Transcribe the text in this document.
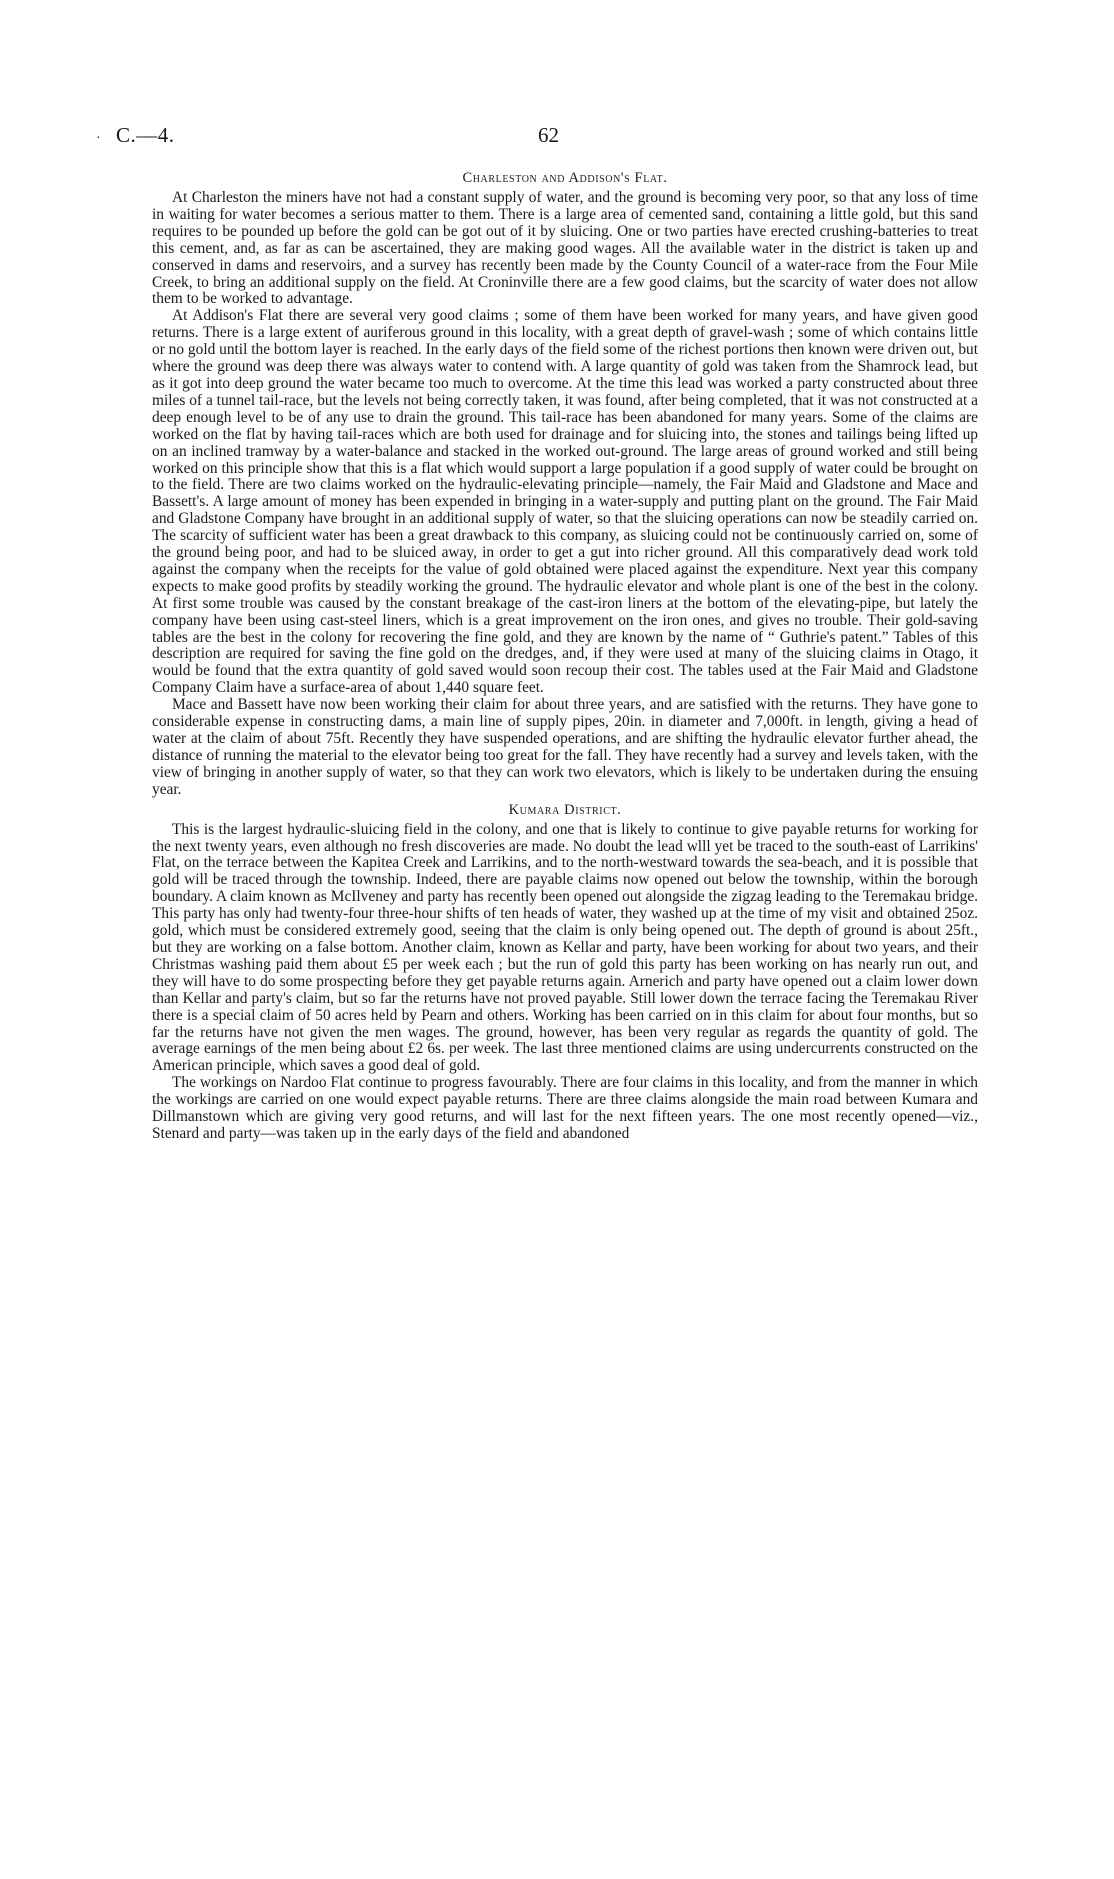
· C.—4.	62
Charleston and Addison's Flat.

At Charleston the miners have not had a constant supply of water, and the ground is becoming very poor, so that any loss of time in waiting for water becomes a serious matter to them. There is a large area of cemented sand, containing a little gold, but this sand requires to be pounded up before the gold can be got out of it by sluicing. One or two parties have erected crushing-batteries to treat this cement, and, as far as can be ascertained, they are making good wages. All the available water in the district is taken up and conserved in dams and reservoirs, and a survey has recently been made by the County Council of a water-race from the Four Mile Creek, to bring an additional supply on the field. At Croninville there are a few good claims, but the scarcity of water does not allow them to be worked to advantage.

At Addison's Flat there are several very good claims ; some of them have been worked for many years, and have given good returns. There is a large extent of auriferous ground in this locality, with a great depth of gravel-wash ; some of which contains little or no gold until the bottom layer is reached. In the early days of the field some of the richest portions then known were driven out, but where the ground was deep there was always water to contend with. A large quantity of gold was taken from the Shamrock lead, but as it got into deep ground the water became too much to overcome. At the time this lead was worked a party constructed about three miles of a tunnel tail-race, but the levels not being correctly taken, it was found, after being completed, that it was not constructed at a deep enough level to be of any use to drain the ground. This tail-race has been abandoned for many years. Some of the claims are worked on the flat by having tail-races which are both used for drainage and for sluicing into, the stones and tailings being lifted up on an inclined tramway by a water-balance and stacked in the worked out-ground. The large areas of ground worked and still being worked on this principle show that this is a flat which would support a large population if a good supply of water could be brought on to the field. There are two claims worked on the hydraulic-elevating principle—namely, the Fair Maid and Gladstone and Mace and Bassett's. A large amount of money has been expended in bringing in a water-supply and putting plant on the ground. The Fair Maid and Gladstone Company have brought in an additional supply of water, so that the sluicing operations can now be steadily carried on. The scarcity of sufficient water has been a great drawback to this company, as sluicing could not be continuously carried on, some of the ground being poor, and had to be sluiced away, in order to get a gut into richer ground. All this comparatively dead work told against the company when the receipts for the value of gold obtained were placed against the expenditure. Next year this company expects to make good profits by steadily working the ground. The hydraulic elevator and whole plant is one of the best in the colony. At first some trouble was caused by the constant breakage of the cast-iron liners at the bottom of the elevating-pipe, but lately the company have been using cast-steel liners, which is a great improvement on the iron ones, and gives no trouble. Their gold-saving tables are the best in the colony for recovering the fine gold, and they are known by the name of “ Guthrie's patent.” Tables of this description are required for saving the fine gold on the dredges, and, if they were used at many of the sluicing claims in Otago, it would be found that the extra quantity of gold saved would soon recoup their cost. The tables used at the Fair Maid and Gladstone Company Claim have a surface-area of about 1,440 square feet.

Mace and Bassett have now been working their claim for about three years, and are satisfied with the returns. They have gone to considerable expense in constructing dams, a main line of supply pipes, 20in. in diameter and 7,000ft. in length, giving a head of water at the claim of about 75ft. Recently they have suspended operations, and are shifting the hydraulic elevator further ahead, the distance of running the material to the elevator being too great for the fall. They have recently had a survey and levels taken, with the view of bringing in another supply of water, so that they can work two elevators, which is likely to be undertaken during the ensuing year.

Kumara District.

This is the largest hydraulic-sluicing field in the colony, and one that is likely to continue to give payable returns for working for the next twenty years, even although no fresh discoveries are made. No doubt the lead wlll yet be traced to the south-east of Larrikins' Flat, on the terrace between the Kapitea Creek and Larrikins, and to the north-westward towards the sea-beach, and it is possible that gold will be traced through the township. Indeed, there are payable claims now opened out below the township, within the borough boundary. A claim known as McIlveney and party has recently been opened out alongside the zigzag leading to the Teremakau bridge. This party has only had twenty-four three-hour shifts of ten heads of water, they washed up at the time of my visit and obtained 25oz. gold, which must be considered extremely good, seeing that the claim is only being opened out. The depth of ground is about 25ft., but they are working on a false bottom. Another claim, known as Kellar and party, have been working for about two years, and their Christmas washing paid them about £5 per week each ; but the run of gold this party has been working on has nearly run out, and they will have to do some prospecting before they get payable returns again. Arnerich and party have opened out a claim lower down than Kellar and party's claim, but so far the returns have not proved payable. Still lower down the terrace facing the Teremakau River there is a special claim of 50 acres held by Pearn and others. Working has been carried on in this claim for about four months, but so far the returns have not given the men wages. The ground, however, has been very regular as regards the quantity of gold. The average earnings of the men being about £2 6s. per week. The last three mentioned claims are using undercurrents constructed on the American principle, which saves a good deal of gold.

The workings on Nardoo Flat continue to progress favourably. There are four claims in this locality, and from the manner in which the workings are carried on one would expect payable returns. There are three claims alongside the main road between Kumara and Dillmanstown which are giving very good returns, and will last for the next fifteen years. The one most recently opened—viz., Stenard and party—was taken up in the early days of the field and abandoned
